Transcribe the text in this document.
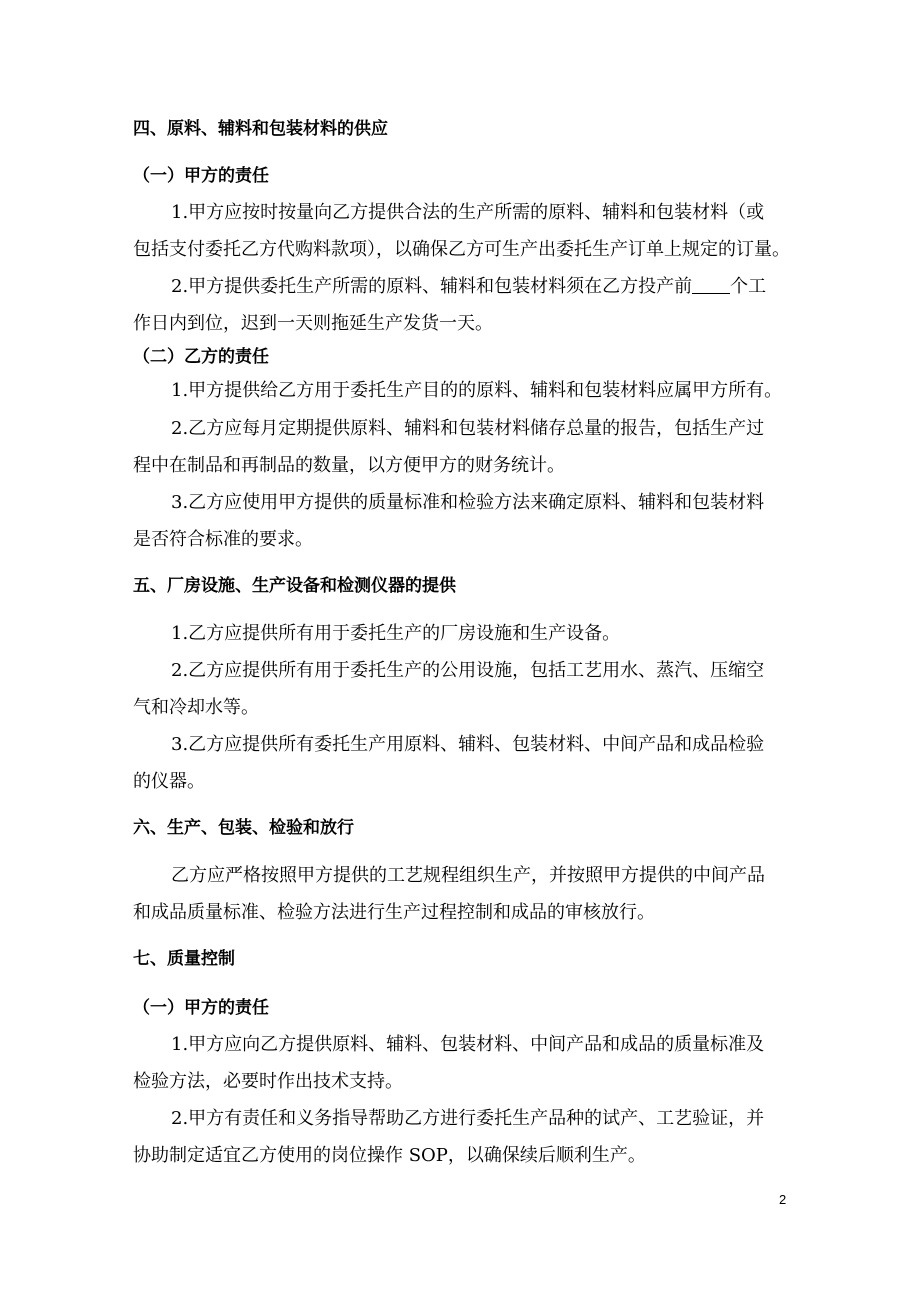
四、原料、辅料和包装材料的供应
（一）甲方的责任
1.甲方应按时按量向乙方提供合法的生产所需的原料、辅料和包装材料（或
包括支付委托乙方代购料款项），以确保乙方可生产出委托生产订单上规定的订量。
2.甲方提供委托生产所需的原料、辅料和包装材料须在乙方投产前 个工
作日内到位，迟到一天则拖延生产发货一天。
（二）乙方的责任
1.甲方提供给乙方用于委托生产目的的原料、辅料和包装材料应属甲方所有。
2.乙方应每月定期提供原料、辅料和包装材料储存总量的报告，包括生产过
程中在制品和再制品的数量，以方便甲方的财务统计。
3.乙方应使用甲方提供的质量标准和检验方法来确定原料、辅料和包装材料
是否符合标准的要求。
五、厂房设施、生产设备和检测仪器的提供
1.乙方应提供所有用于委托生产的厂房设施和生产设备。
2.乙方应提供所有用于委托生产的公用设施，包括工艺用水、蒸汽、压缩空
气和冷却水等。
3.乙方应提供所有委托生产用原料、辅料、包装材料、中间产品和成品检验
的仪器。
六、生产、包装、检验和放行
乙方应严格按照甲方提供的工艺规程组织生产，并按照甲方提供的中间产品
和成品质量标准、检验方法进行生产过程控制和成品的审核放行。
七、质量控制
（一）甲方的责任
1.甲方应向乙方提供原料、辅料、包装材料、中间产品和成品的质量标准及
检验方法，必要时作出技术支持。
2.甲方有责任和义务指导帮助乙方进行委托生产品种的试产、工艺验证，并
协助制定适宜乙方使用的岗位操作 SOP，以确保续后顺利生产。
2
